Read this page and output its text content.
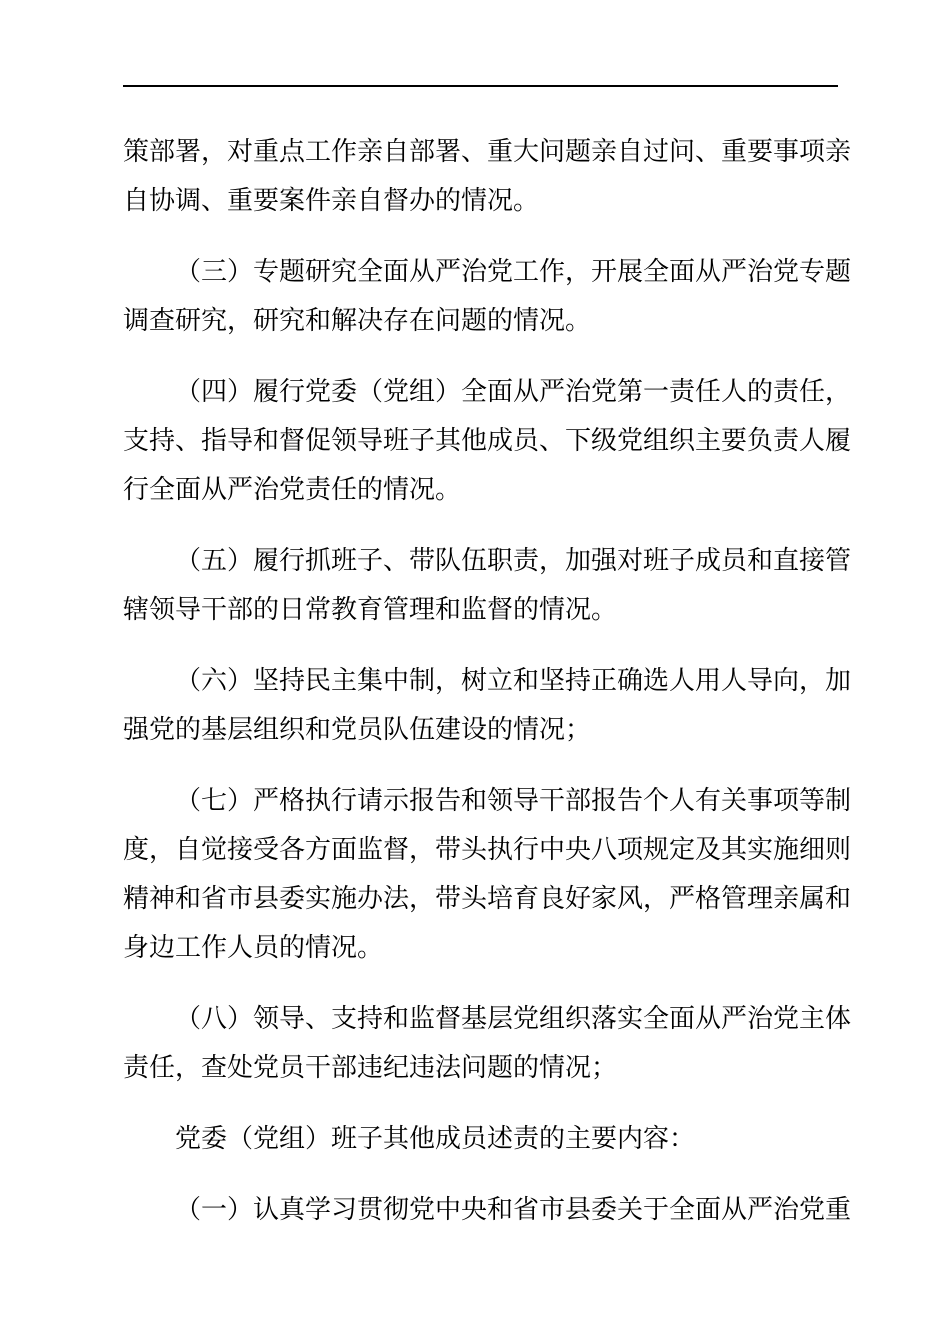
策部署，对重点工作亲自部署、重大问题亲自过问、重要事项亲
自协调、重要案件亲自督办的情况。
（三）专题研究全面从严治党工作，开展全面从严治党专题
调查研究，研究和解决存在问题的情况。
（四）履行党委（党组）全面从严治党第一责任人的责任，
支持、指导和督促领导班子其他成员、下级党组织主要负责人履
行全面从严治党责任的情况。
（五）履行抓班子、带队伍职责，加强对班子成员和直接管
辖领导干部的日常教育管理和监督的情况。
（六）坚持民主集中制，树立和坚持正确选人用人导向，加
强党的基层组织和党员队伍建设的情况；
（七）严格执行请示报告和领导干部报告个人有关事项等制
度，自觉接受各方面监督，带头执行中央八项规定及其实施细则
精神和省市县委实施办法，带头培育良好家风，严格管理亲属和
身边工作人员的情况。
（八）领导、支持和监督基层党组织落实全面从严治党主体
责任，查处党员干部违纪违法问题的情况；
党委（党组）班子其他成员述责的主要内容：
（一）认真学习贯彻党中央和省市县委关于全面从严治党重
